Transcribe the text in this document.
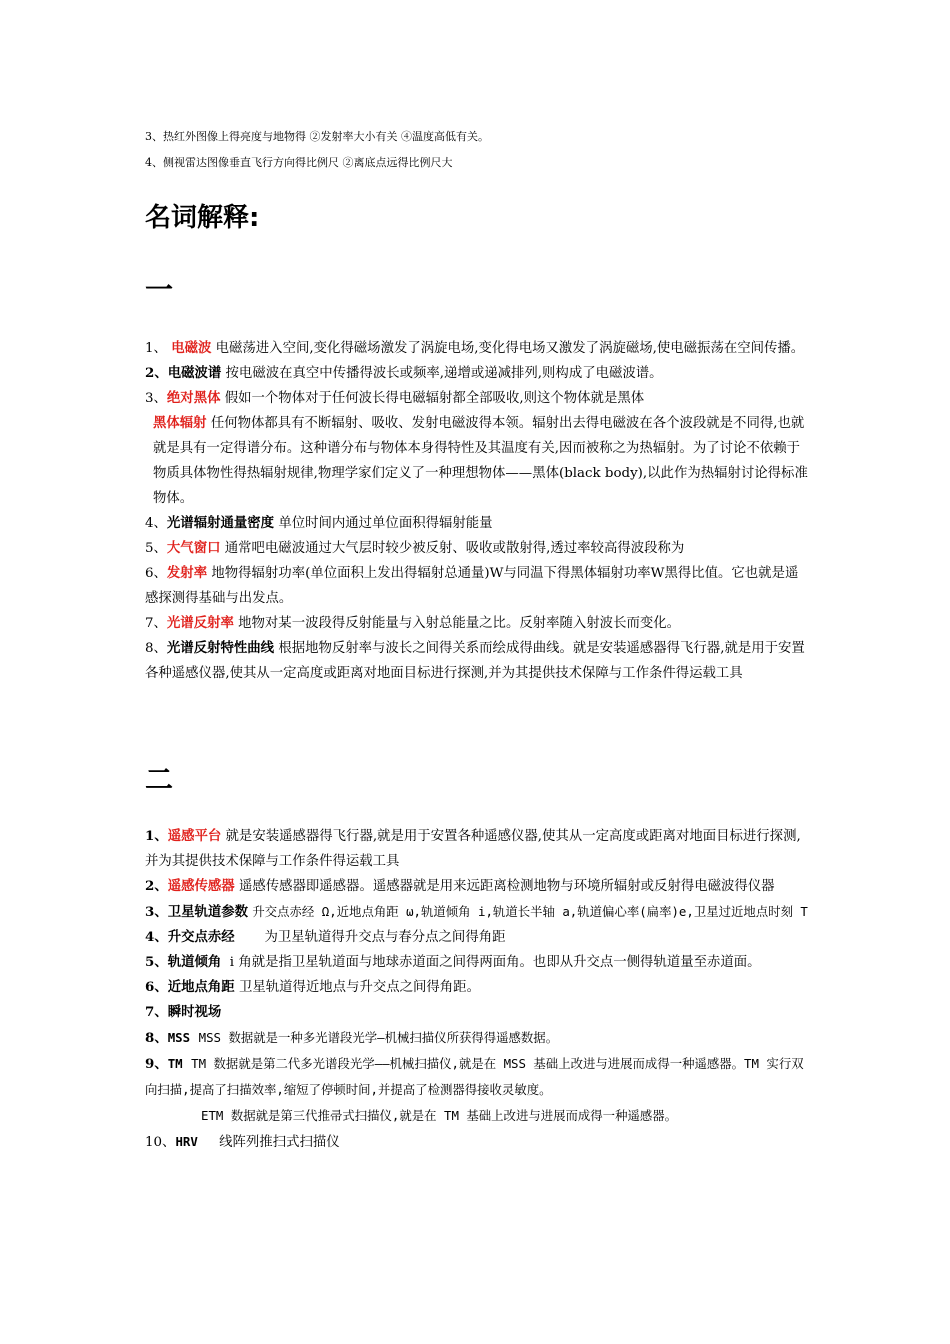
3、热红外图像上得亮度与地物得 ②发射率大小有关 ④温度高低有关。
4、侧视雷达图像垂直飞行方向得比例尺 ②离底点远得比例尺大
名词解释:
一

1、 电磁波 电磁荡进入空间,变化得磁场激发了涡旋电场,变化得电场又激发了涡旋磁场,使电磁振荡在空间传播。

2、电磁波谱 按电磁波在真空中传播得波长或频率,递增或递减排列,则构成了电磁波谱。

3、绝对黑体 假如一个物体对于任何波长得电磁辐射都全部吸收,则这个物体就是黑体

黑体辐射 任何物体都具有不断辐射、吸收、发射电磁波得本领。辐射出去得电磁波在各个波段就是不同得,也就就是具有一定得谱分布。这种谱分布与物体本身得特性及其温度有关,因而被称之为热辐射。为了讨论不依赖于物质具体物性得热辐射规律,物理学家们定义了一种理想物体——黑体(black body),以此作为热辐射讨论得标准物体。

4、光谱辐射通量密度 单位时间内通过单位面积得辐射能量

5、大气窗口 通常吧电磁波通过大气层时较少被反射、吸收或散射得,透过率较高得波段称为

6、发射率 地物得辐射功率(单位面积上发出得辐射总通量)W与同温下得黑体辐射功率W黑得比值。它也就是遥感探测得基础与出发点。

7、光谱反射率 地物对某一波段得反射能量与入射总能量之比。反射率随入射波长而变化。

8、光谱反射特性曲线 根据地物反射率与波长之间得关系而绘成得曲线。就是安装遥感器得飞行器,就是用于安置各种遥感仪器,使其从一定高度或距离对地面目标进行探测,并为其提供技术保障与工作条件得运载工具

二

1、遥感平台 就是安装遥感器得飞行器,就是用于安置各种遥感仪器,使其从一定高度或距离对地面目标进行探测,并为其提供技术保障与工作条件得运载工具

2、遥感传感器 遥感传感器即遥感器。遥感器就是用来远距离检测地物与环境所辐射或反射得电磁波得仪器

3、卫星轨道参数 升交点赤经 Ω,近地点角距 ω,轨道倾角 i,轨道长半轴 a,轨道偏心率(扁率)e,卫星过近地点时刻 T

4、升交点赤经 为卫星轨道得升交点与春分点之间得角距

5、轨道倾角 i 角就是指卫星轨道面与地球赤道面之间得两面角。也即从升交点一侧得轨道量至赤道面。

6、近地点角距 卫星轨道得近地点与升交点之间得角距。

7、瞬时视场

8、MSS MSS 数据就是一种多光谱段光学—机械扫描仪所获得得遥感数据。

9、TM TM 数据就是第二代多光谱段光学——机械扫描仪,就是在 MSS 基础上改进与进展而成得一种遥感器。TM 实行双向扫描,提高了扫描效率,缩短了停顿时间,并提高了检测器得接收灵敏度。

ETM 数据就是第三代推帚式扫描仪,就是在 TM 基础上改进与进展而成得一种遥感器。

10、HRV 线阵列推扫式扫描仪
